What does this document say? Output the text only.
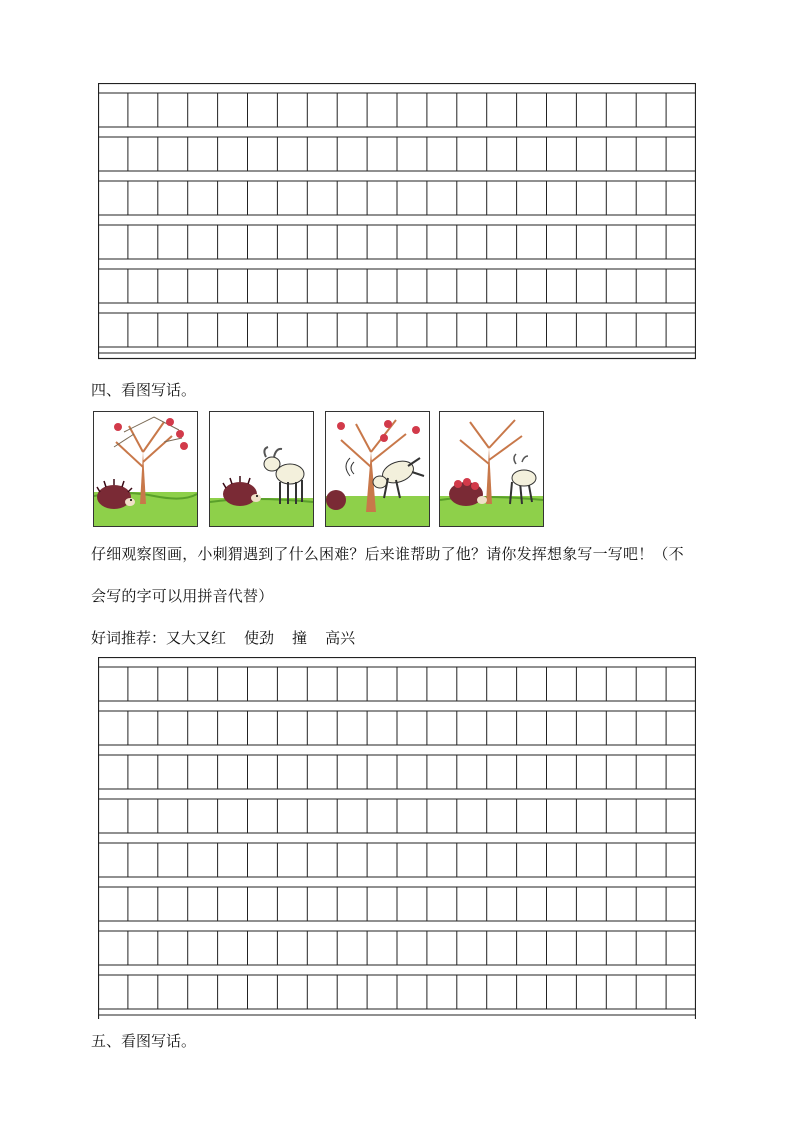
四、看图写话。
仔细观察图画，小刺猬遇到了什么困难？后来谁帮助了他？请你发挥想象写一写吧！（不
会写的字可以用拼音代替）
好词推荐：又大又红 使劲 撞 高兴
五、看图写话。
